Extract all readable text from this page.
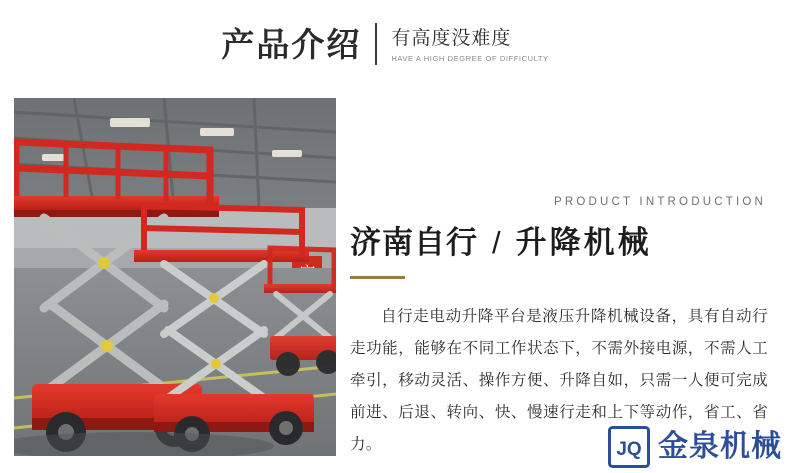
产品介绍 有高度没难度
HAVE A HIGH DEGREE OF DIFFICULTY
PRODUCT INTRODUCTION
济南自行 / 升降机械
自行走电动升降平台是液压升降机械设备，具有自动行走功能，能够在不同工作状态下，不需外接电源，不需人工牵引，移动灵活、操作方便、升降自如，只需一人便可完成前进、后退、转向、快、慢速行走和上下等动作，省工、省力。	JQ 金泉机械
